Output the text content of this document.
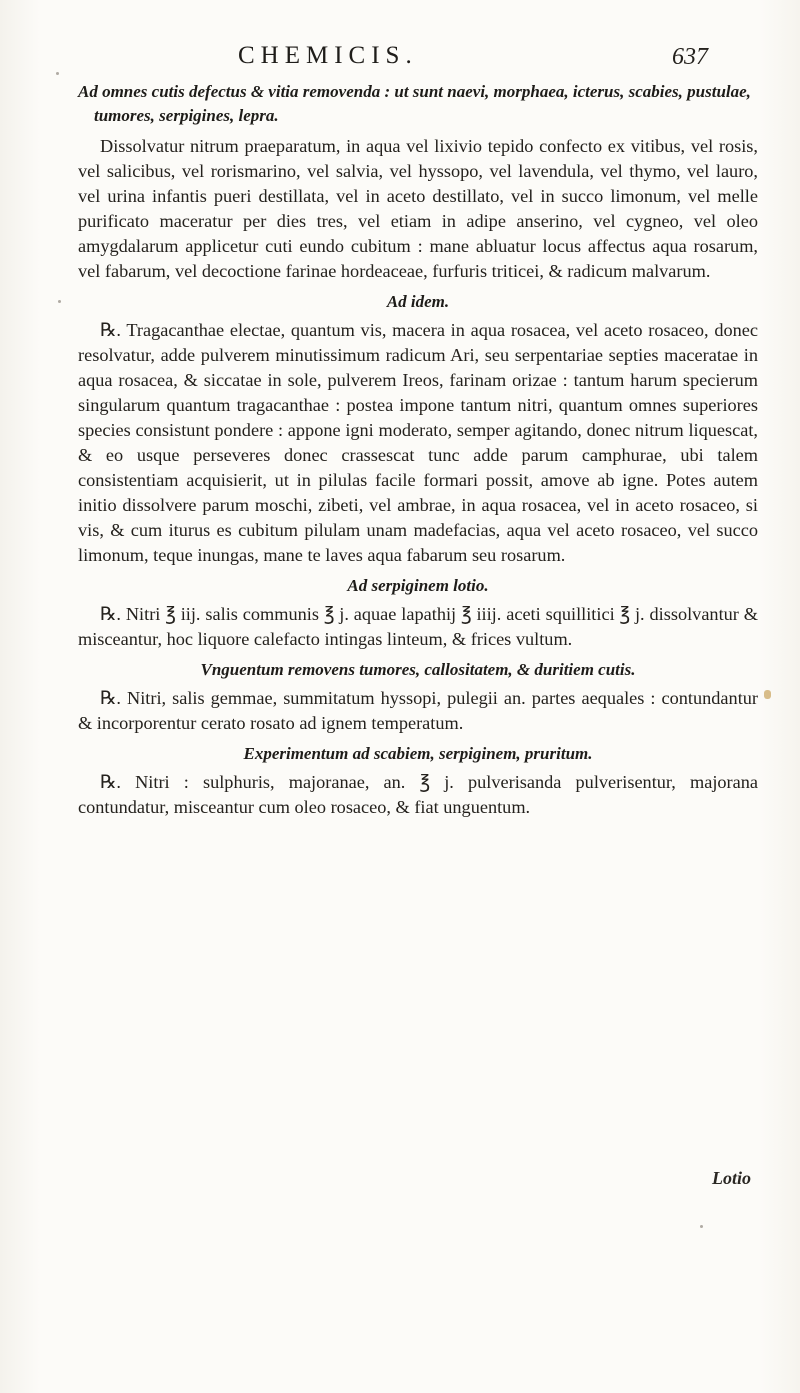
CHEMICIS.	637
Ad omnes cutis defectus & vitia removenda : ut sunt naevi, morphaea, icterus, scabies, pustulae, tumores, serpigines, lepra.

Dissolvatur nitrum praeparatum, in aqua vel lixivio tepido confecto ex vitibus, vel rosis, vel salicibus, vel rorismarino, vel salvia, vel hyssopo, vel lavendula, vel thymo, vel lauro, vel urina infantis pueri destillata, vel in aceto destillato, vel in succo limonum, vel melle purificato maceratur per dies tres, vel etiam in adipe anserino, vel cygneo, vel oleo amygdalarum applicetur cuti eundo cubitum : mane abluatur locus affectus aqua rosarum, vel fabarum, vel decoctione farinae hordeaceae, furfuris triticei, & radicum malvarum.

Ad idem.

℞. Tragacanthae electae, quantum vis, macera in aqua rosacea, vel aceto rosaceo, donec resolvatur, adde pulverem minutissimum radicum Ari, seu serpentariae septies maceratae in aqua rosacea, & siccatae in sole, pulverem Ireos, farinam orizae : tantum harum specierum singularum quantum tragacanthae : postea impone tantum nitri, quantum omnes superiores species consistunt pondere : appone igni moderato, semper agitando, donec nitrum liquescat, & eo usque perseveres donec crassescat tunc adde parum camphurae, ubi talem consistentiam acquisierit, ut in pilulas facile formari possit, amove ab igne. Potes autem initio dissolvere parum moschi, zibeti, vel ambrae, in aqua rosacea, vel in aceto rosaceo, si vis, & cum iturus es cubitum pilulam unam madefacias, aqua vel aceto rosaceo, vel succo limonum, teque inungas, mane te laves aqua fabarum seu rosarum.

Ad serpiginem lotio.

℞. Nitri ℥ iij. salis communis ℥ j. aquae lapathij ℥ iiij. aceti squillitici ℥ j. dissolvantur & misceantur, hoc liquore calefacto intingas linteum, & frices vultum.

Vnguentum removens tumores, callositatem, & duritiem cutis.

℞. Nitri, salis gemmae, summitatum hyssopi, pulegii an. partes aequales : contundantur & incorporentur cerato rosato ad ignem temperatum.

Experimentum ad scabiem, serpiginem, pruritum.

℞. Nitri : sulphuris, majoranae, an. ℥ j. pulverisanda pulverisentur, majorana contundatur, misceantur cum oleo rosaceo, & fiat unguentum.

Lotio
